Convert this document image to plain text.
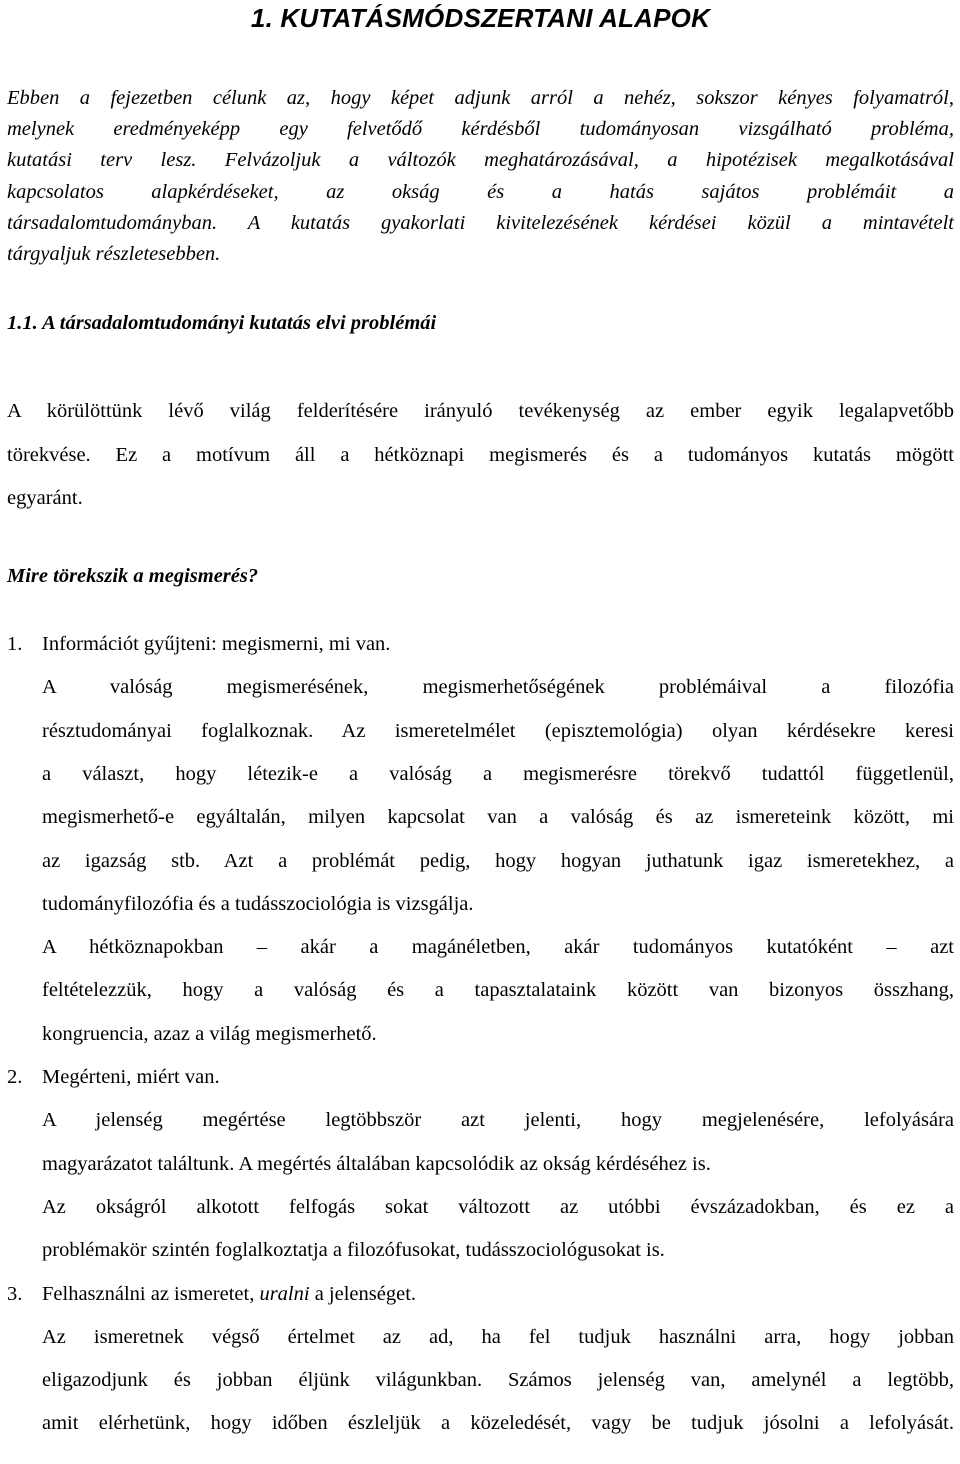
1. KUTATÁSMÓDSZERTANI ALAPOK
Ebben a fejezetben célunk az, hogy képet adjunk arról a nehéz, sokszor kényes folyamatról,
melynek eredményeképp egy felvetődő kérdésből tudományosan vizsgálható probléma,
kutatási terv lesz. Felvázoljuk a változók meghatározásával, a hipotézisek megalkotásával
kapcsolatos alapkérdéseket, az okság és a hatás sajátos problémáit a
társadalomtudományban. A kutatás gyakorlati kivitelezésének kérdései közül a mintavételt
tárgyaljuk részletesebben.
1.1. A társadalomtudományi kutatás elvi problémái
A körülöttünk lévő világ felderítésére irányuló tevékenység az ember egyik legalapvetőbb
törekvése. Ez a motívum áll a hétköznapi megismerés és a tudományos kutatás mögött
egyaránt.
Mire törekszik a megismerés?
1. Információt gyűjteni: megismerni, mi van.
A valóság megismerésének, megismerhetőségének problémáival a filozófia
résztudományai foglalkoznak. Az ismeretelmélet (episztemológia) olyan kérdésekre keresi
a választ, hogy létezik-e a valóság a megismerésre törekvő tudattól függetlenül,
megismerhető-e egyáltalán, milyen kapcsolat van a valóság és az ismereteink között, mi
az igazság stb. Azt a problémát pedig, hogy hogyan juthatunk igaz ismeretekhez, a
tudományfilozófia és a tudásszociológia is vizsgálja.
A hétköznapokban – akár a magánéletben, akár tudományos kutatóként – azt
feltételezzük, hogy a valóság és a tapasztalataink között van bizonyos összhang,
kongruencia, azaz a világ megismerhető.
2. Megérteni, miért van.
A jelenség megértése legtöbbször azt jelenti, hogy megjelenésére, lefolyására
magyarázatot találtunk. A megértés általában kapcsolódik az okság kérdéséhez is.
Az okságról alkotott felfogás sokat változott az utóbbi évszázadokban, és ez a
problémakör szintén foglalkoztatja a filozófusokat, tudásszociológusokat is.
3. Felhasználni az ismeretet, uralni a jelenséget.
Az ismeretnek végső értelmet az ad, ha fel tudjuk használni arra, hogy jobban
eligazodjunk és jobban éljünk világunkban. Számos jelenség van, amelynél a legtöbb,
amit elérhetünk, hogy időben észleljük a közeledését, vagy be tudjuk jósolni a lefolyását.
